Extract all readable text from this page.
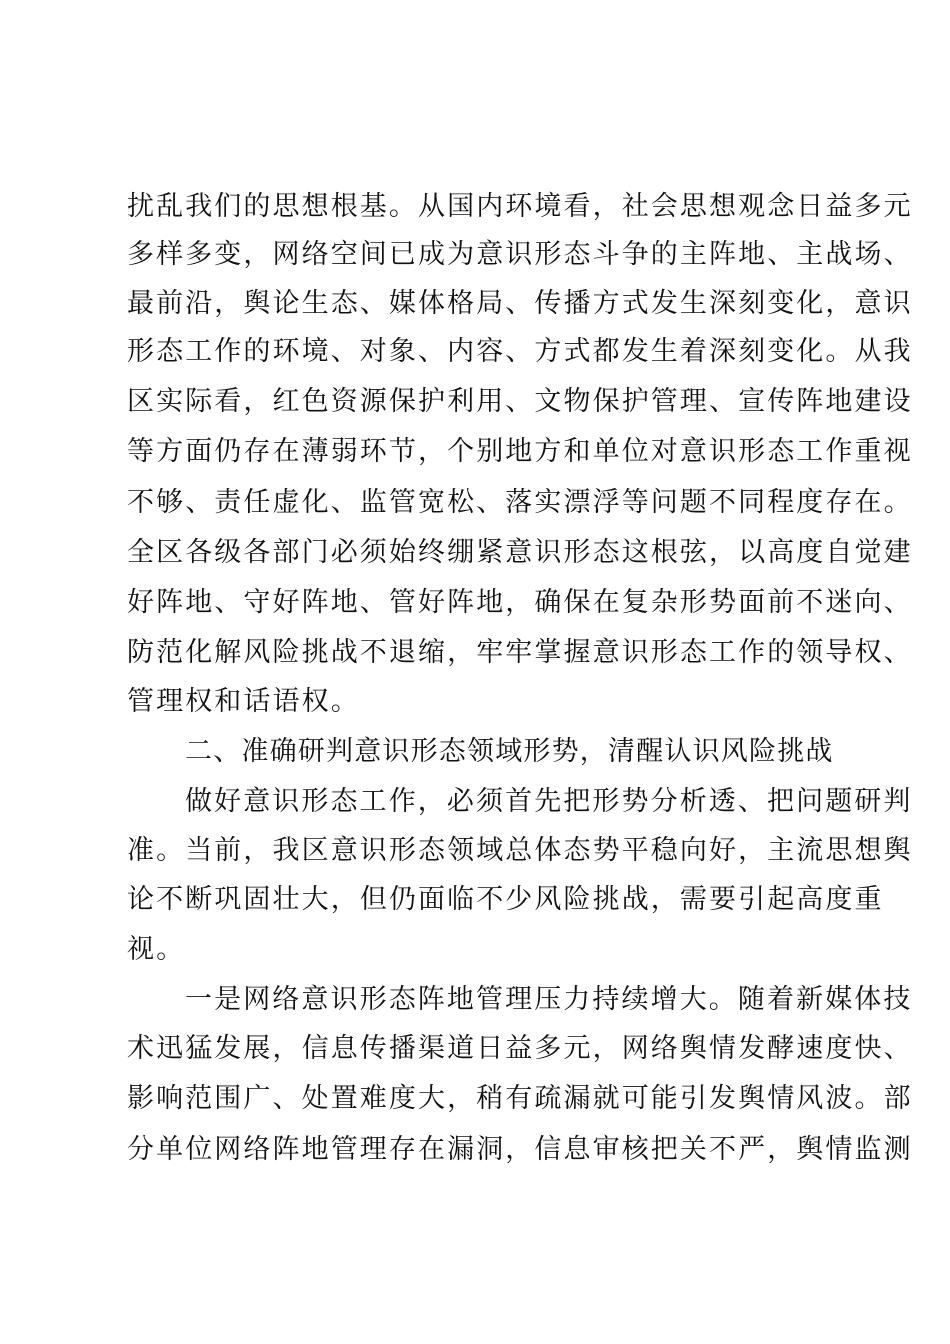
扰乱我们的思想根基。从国内环境看，社会思想观念日益多元
多样多变，网络空间已成为意识形态斗争的主阵地、主战场、
最前沿，舆论生态、媒体格局、传播方式发生深刻变化，意识
形态工作的环境、对象、内容、方式都发生着深刻变化。从我
区实际看，红色资源保护利用、文物保护管理、宣传阵地建设
等方面仍存在薄弱环节，个别地方和单位对意识形态工作重视
不够、责任虚化、监管宽松、落实漂浮等问题不同程度存在。
全区各级各部门必须始终绷紧意识形态这根弦，以高度自觉建
好阵地、守好阵地、管好阵地，确保在复杂形势面前不迷向、
防范化解风险挑战不退缩，牢牢掌握意识形态工作的领导权、
管理权和话语权。
二、准确研判意识形态领域形势，清醒认识风险挑战
做好意识形态工作，必须首先把形势分析透、把问题研判
准。当前，我区意识形态领域总体态势平稳向好，主流思想舆
论不断巩固壮大，但仍面临不少风险挑战，需要引起高度重
视。
一是网络意识形态阵地管理压力持续增大。随着新媒体技
术迅猛发展，信息传播渠道日益多元，网络舆情发酵速度快、
影响范围广、处置难度大，稍有疏漏就可能引发舆情风波。部
分单位网络阵地管理存在漏洞，信息审核把关不严，舆情监测
